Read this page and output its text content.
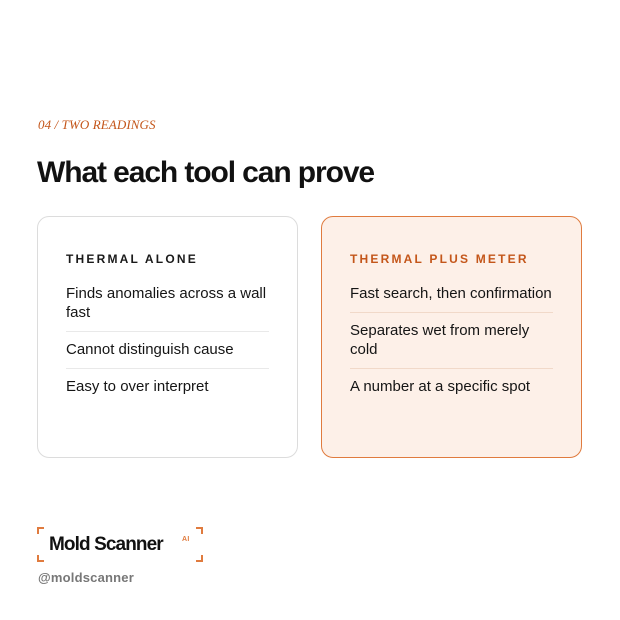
04 / TWO READINGS
What each tool can prove
THERMAL ALONE
Finds anomalies across a wall fast
Cannot distinguish cause
Easy to over interpret
THERMAL PLUS METER
Fast search, then confirmation
Separates wet from merely cold
A number at a specific spot
Mold Scanner	AI
@moldscanner
